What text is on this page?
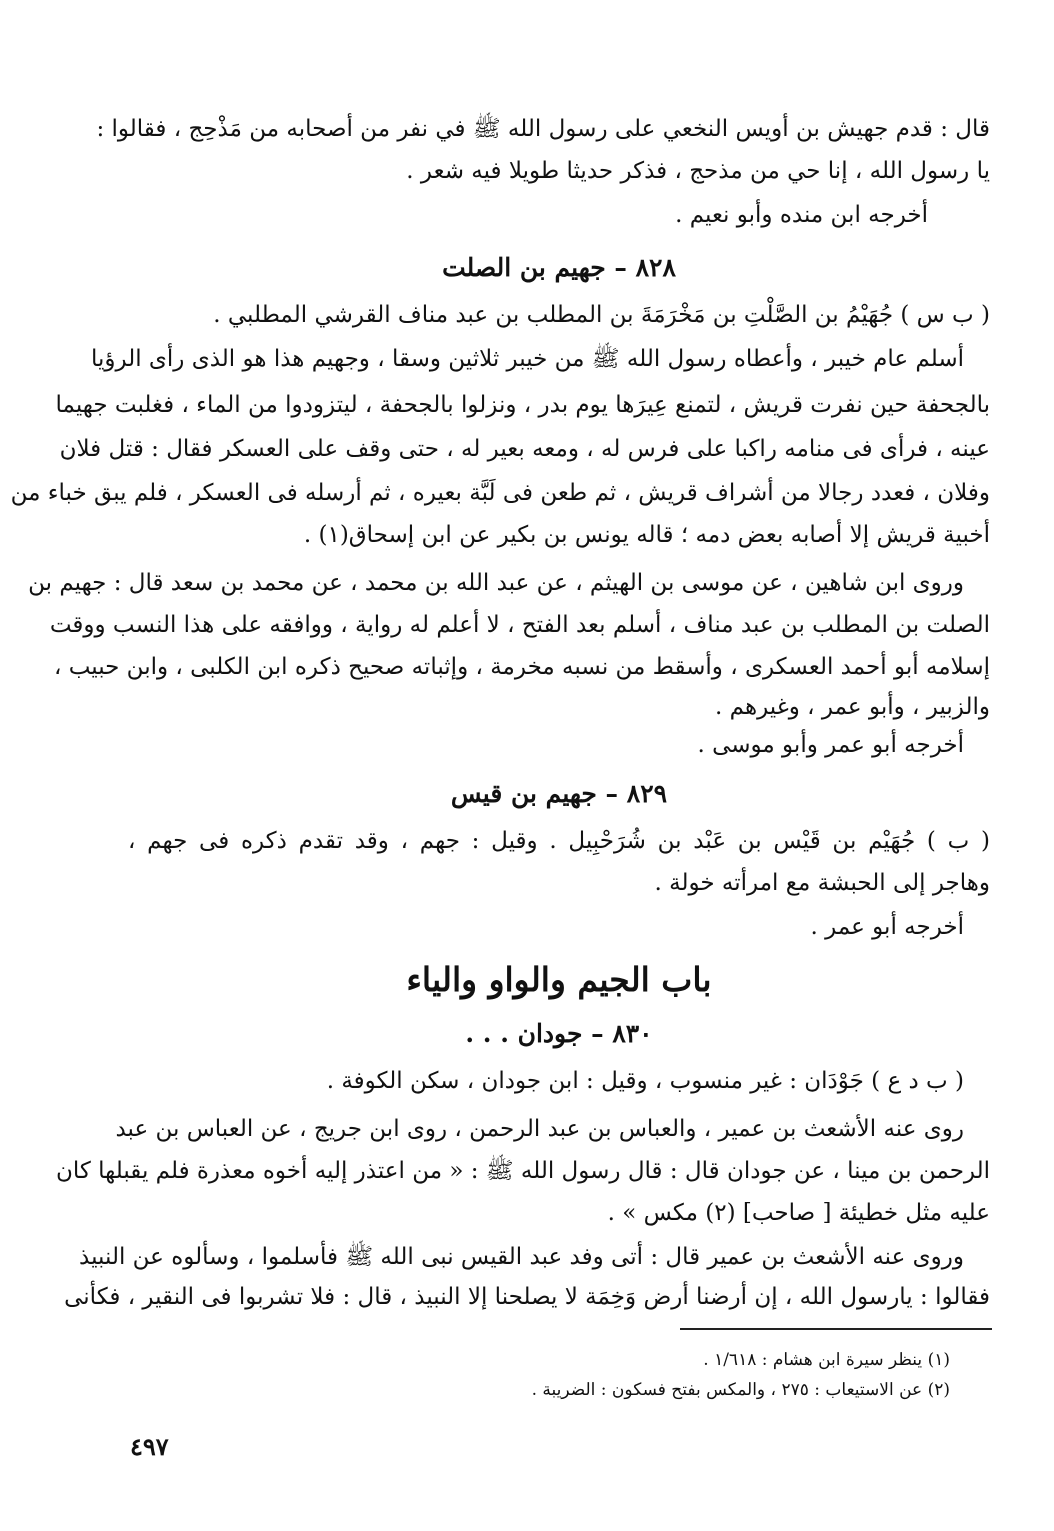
قال : قدم جهيش بن أويس النخعي على رسول الله ﷺ في نفر من أصحابه من مَذْحِج ، فقالوا :
يا رسول الله ، إنا حي من مذحج ، فذكر حديثا طويلا فيه شعر .
أخرجه ابن منده وأبو نعيم .
٨٢٨ – جهيم بن الصلت
( ب س ) جُهَيْمُ بن الصَّلْتِ بن مَخْرَمَةَ بن المطلب بن عبد مناف القرشي المطلبي .
أسلم عام خيبر ، وأعطاه رسول الله ﷺ من خيبر ثلاثين وسقا ، وجهيم هذا هو الذى رأى الرؤيا
بالجحفة حين نفرت قريش ، لتمنع عِيرَها يوم بدر ، ونزلوا بالجحفة ، ليتزودوا من الماء ، فغلبت جهيما
عينه ، فرأى فى منامه راكبا على فرس له ، ومعه بعير له ، حتى وقف على العسكر فقال : قتل فلان
وفلان ، فعدد رجالا من أشراف قريش ، ثم طعن فى لَبَّة بعيره ، ثم أرسله فى العسكر ، فلم يبق خباء من
أخبية قريش إلا أصابه بعض دمه ؛ قاله يونس بن بكير عن ابن إسحاق(١) .
وروى ابن شاهين ، عن موسى بن الهيثم ، عن عبد الله بن محمد ، عن محمد بن سعد قال : جهيم بن
الصلت بن المطلب بن عبد مناف ، أسلم بعد الفتح ، لا أعلم له رواية ، ووافقه على هذا النسب ووقت
إسلامه أبو أحمد العسكرى ، وأسقط من نسبه مخرمة ، وإثباته صحيح ذكره ابن الكلبى ، وابن حبيب ،
والزبير ، وأبو عمر ، وغيرهم .
أخرجه أبو عمر وأبو موسى .
٨٢٩ – جهيم بن قيس
( ب ) جُهَيْم بن قَيْس بن عَبْد بن شُرَحْبِيل . وقيل : جهم ، وقد تقدم ذكره فى جهم ،
وهاجر إلى الحبشة مع امرأته خولة .
أخرجه أبو عمر .
باب الجيم والواو والياء
٨٣٠ – جودان . . .
( ب د ع ) جَوْدَان : غير منسوب ، وقيل : ابن جودان ، سكن الكوفة .
روى عنه الأشعث بن عمير ، والعباس بن عبد الرحمن ، روى ابن جريج ، عن العباس بن عبد
الرحمن بن مينا ، عن جودان قال : قال رسول الله ﷺ : « من اعتذر إليه أخوه معذرة فلم يقبلها كان
عليه مثل خطيئة [ صاحب] (٢) مكس » .
وروى عنه الأشعث بن عمير قال : أتى وفد عبد القيس نبى الله ﷺ فأسلموا ، وسألوه عن النبيذ
فقالوا : يارسول الله ، إن أرضنا أرض وَخِمَة لا يصلحنا إلا النبيذ ، قال : فلا تشربوا فى النقير ، فكأنى
(١) ينظر سيرة ابن هشام : ١/٦١٨ .
(٢) عن الاستيعاب : ٢٧٥ ، والمكس بفتح فسكون : الضريبة .
٤٩٧
